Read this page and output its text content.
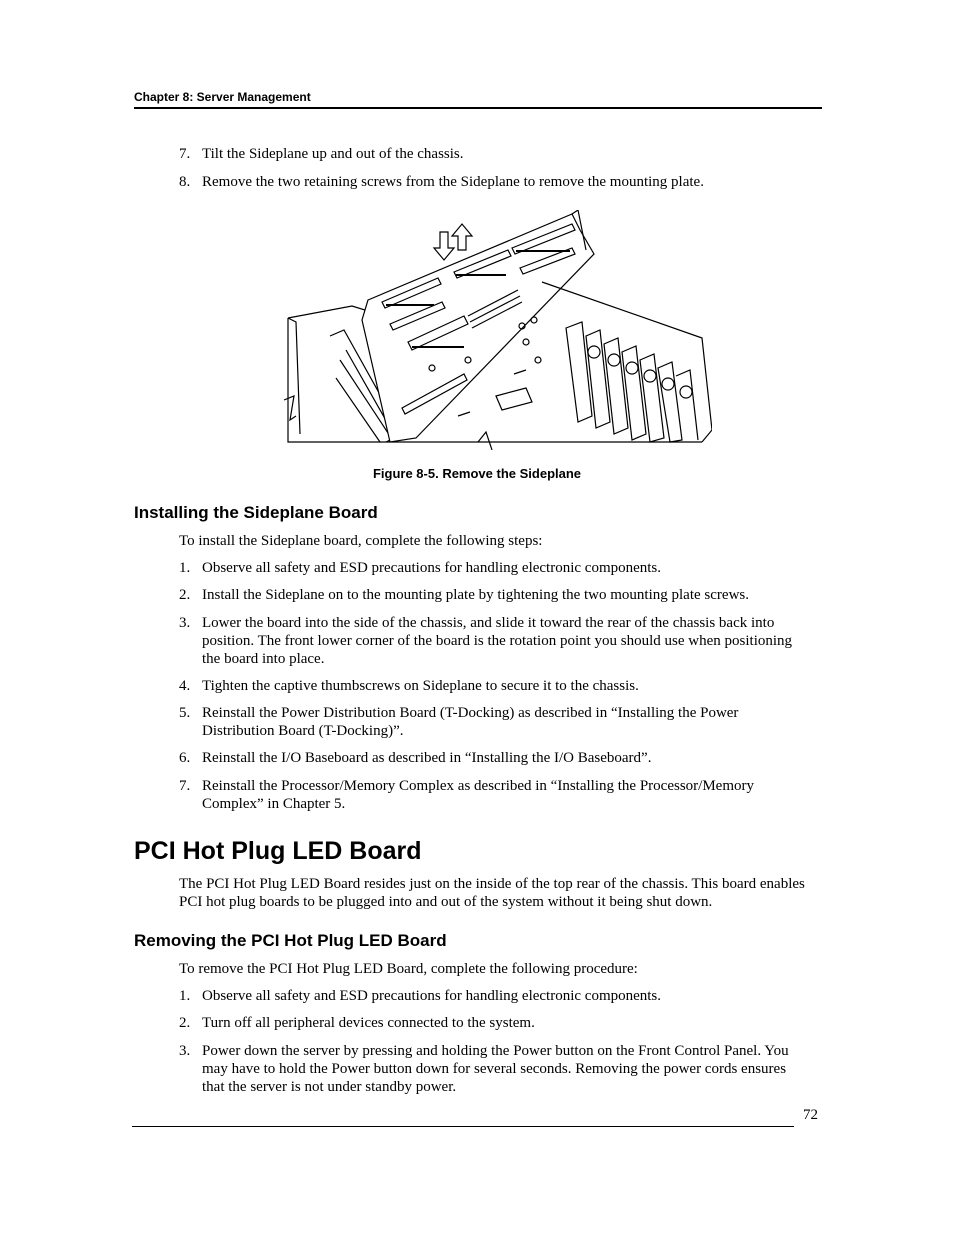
Chapter 8: Server Management
7. Tilt the Sideplane up and out of the chassis.
8. Remove the two retaining screws from the Sideplane to remove the mounting plate.
Figure 8-5. Remove the Sideplane
Installing the Sideplane Board
To install the Sideplane board, complete the following steps:
1. Observe all safety and ESD precautions for handling electronic components.
2. Install the Sideplane on to the mounting plate by tightening the two mounting plate screws.
3. Lower the board into the side of the chassis, and slide it toward the rear of the chassis back into position. The front lower corner of the board is the rotation point you should use when positioning the board into place.
4. Tighten the captive thumbscrews on Sideplane to secure it to the chassis.
5. Reinstall the Power Distribution Board (T-Docking) as described in “Installing the Power Distribution Board (T-Docking)”.
6. Reinstall the I/O Baseboard as described in “Installing the I/O Baseboard”.
7. Reinstall the Processor/Memory Complex as described in “Installing the Processor/Memory Complex” in Chapter 5.
PCI Hot Plug LED Board
The PCI Hot Plug LED Board resides just on the inside of the top rear of the chassis. This board enables PCI hot plug boards to be plugged into and out of the system without it being shut down.
Removing the PCI Hot Plug LED Board
To remove the PCI Hot Plug LED Board, complete the following procedure:
1. Observe all safety and ESD precautions for handling electronic components.
2. Turn off all peripheral devices connected to the system.
3. Power down the server by pressing and holding the Power button on the Front Control Panel. You may have to hold the Power button down for several seconds. Removing the power cords ensures that the server is not under standby power.
72
